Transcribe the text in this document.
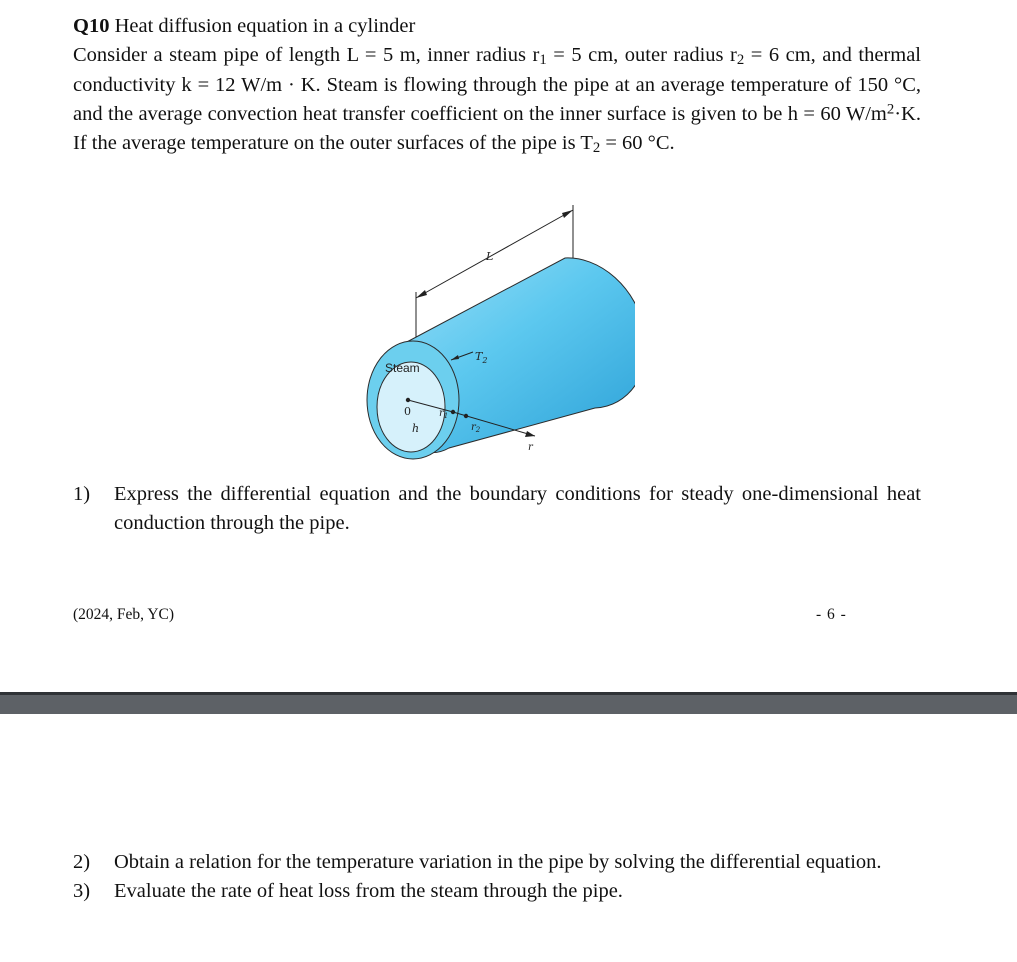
Q10 Heat diffusion equation in a cylinder

Consider a steam pipe of length L = 5 m, inner radius $r_1 = 5$ cm, outer radius $r_2 = 6$ cm, and thermal conductivity k = 12 W/m · K. Steam is flowing through the pipe at an average temperature of 150 °C, and the average convection heat transfer coefficient on the inner surface is given to be h = 60 $W/m^2\cdot K$. If the average temperature on the outer surfaces of the pipe is $T_2 = 60$ °C.

L
Steam
$T_2$
0
h
$r_1$
$r_2$
r
1) Express the differential equation and the boundary conditions for steady one-dimensional heat conduction through the pipe.
(2024, Feb, YC)	- 6 -
2) Obtain a relation for the temperature variation in the pipe by solving the differential equation.
3) Evaluate the rate of heat loss from the steam through the pipe.
